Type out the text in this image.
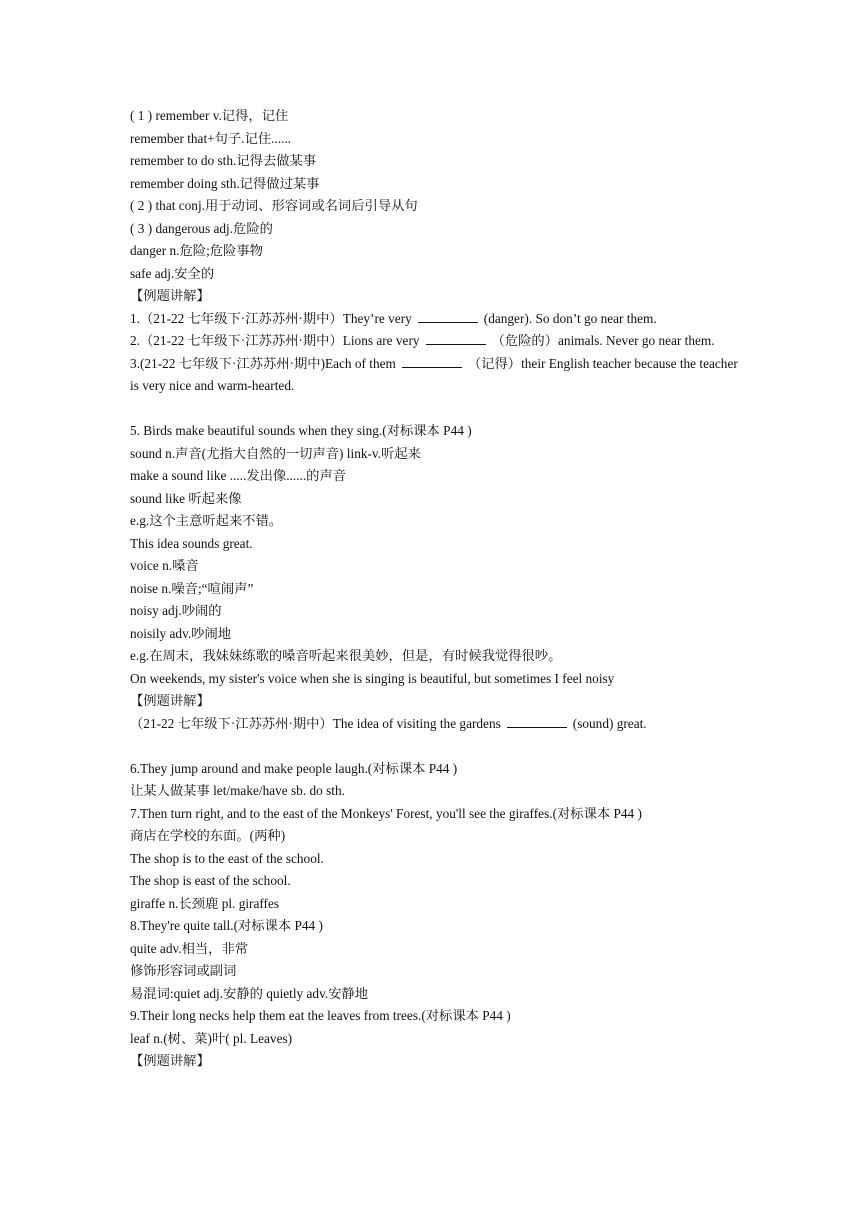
( 1 ) remember v.记得，记住
remember that+句子.记住......
remember to do sth.记得去做某事
remember doing sth.记得做过某事
( 2 ) that conj.用于动词、形容词或名词后引导从句
( 3 ) dangerous adj.危险的
danger n.危险;危险事物
safe adj.安全的
【例题讲解】
1.（21-22 七年级下·江苏苏州·期中）They’re very	(danger). So don’t go near them.
2.（21-22 七年级下·江苏苏州·期中）Lions are very	（危险的）animals. Never go near them.
3.(21-22 七年级下·江苏苏州·期中)Each of them	（记得）their English teacher because the teacher is very nice and warm-hearted.
5. Birds make beautiful sounds when they sing.(对标课本 P44 )
sound n.声音(尤指大自然的一切声音) link-v.听起来
make a sound like .....发出像......的声音
sound like 听起来像
e.g.这个主意听起来不错。
This idea sounds great.
voice n.嗓音
noise n.噪音;“喧闹声”
noisy adj.吵闹的
noisily adv.吵闹地
e.g.在周末，我妹妹练歌的嗓音听起来很美妙，但是，有时候我觉得很吵。
On weekends, my sister's voice when she is singing is beautiful, but sometimes I feel noisy
【例题讲解】
（21-22 七年级下·江苏苏州·期中）The idea of visiting the gardens	(sound) great.
6.They jump around and make people laugh.(对标课本 P44 )
让某人做某事 let/make/have sb. do sth.
7.Then turn right, and to the east of the Monkeys' Forest, you'll see the giraffes.(对标课本 P44 )
商店在学校的东面。(两种)
The shop is to the east of the school.
The shop is east of the school.
giraffe n.长颈鹿 pl. giraffes
8.They're quite tall.(对标课本 P44 )
quite adv.相当，非常
修饰形容词或副词
易混词:quiet adj.安静的 quietly adv.安静地
9.Their long necks help them eat the leaves from trees.(对标课本 P44 )
leaf n.(树、菜)叶( pl. Leaves)
【例题讲解】
